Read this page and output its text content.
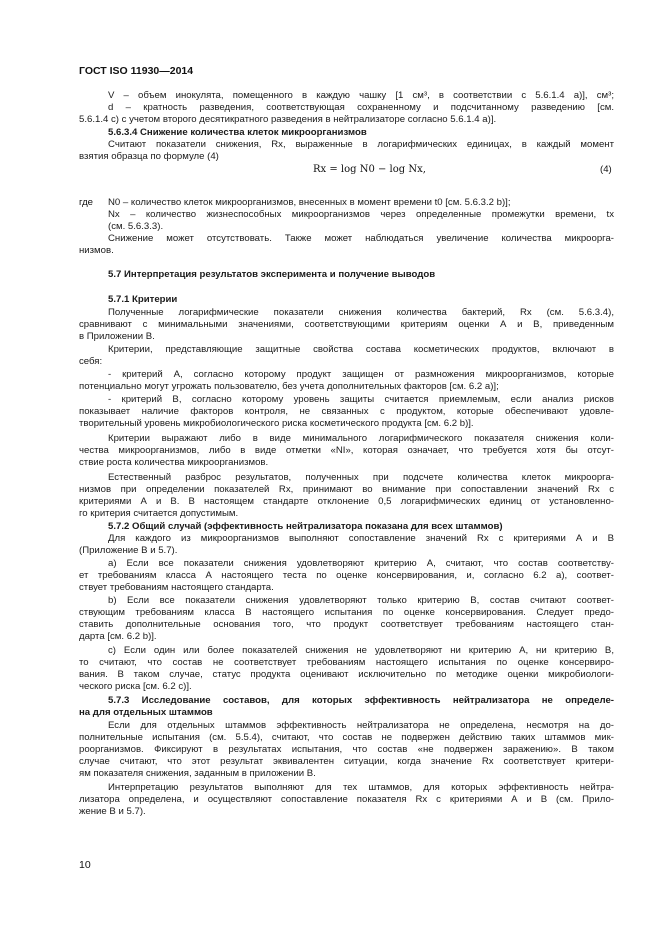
ГОСТ ISO 11930—2014

V – объем инокулята, помещенного в каждую чашку [1 см³, в соответствии с 5.6.1.4 а)], см³;

d – кратность разведения, соответствующая сохраненному и подсчитанному разведению [см.

5.6.1.4 с) с учетом второго десятикратного разведения в нейтрализаторе согласно 5.6.1.4 а)].

5.6.3.4 Снижение количества клеток микроорганизмов

Считают показатели снижения, Rx, выраженные в логарифмических единицах, в каждый момент

взятия образца по формуле (4)

Rx = log N0 − log Nx,	(4)
где N0 – количество клеток микроорганизмов, внесенных в момент времени t0 [см. 5.6.3.2 b)];

Nx – количество жизнеспособных микроорганизмов через определенные промежутки времени, tx

(см. 5.6.3.3).

Снижение может отсутствовать. Также может наблюдаться увеличение количества микроорга-

низмов.

5.7 Интерпретация результатов эксперимента и получение выводов

5.7.1 Критерии

Полученные логарифмические показатели снижения количества бактерий, Rx (см. 5.6.3.4),

сравнивают с минимальными значениями, соответствующими критериям оценки А и В, приведенным

в Приложении В.

Критерии, представляющие защитные свойства состава косметических продуктов, включают в

себя:

- критерий А, согласно которому продукт защищен от размножения микроорганизмов, которые

потенциально могут угрожать пользователю, без учета дополнительных факторов [см. 6.2 а)];

- критерий В, согласно которому уровень защиты считается приемлемым, если анализ рисков

показывает наличие факторов контроля, не связанных с продуктом, которые обеспечивают удовле-

творительный уровень микробиологического риска косметического продукта [см. 6.2 b)].

Критерии выражают либо в виде минимального логарифмического показателя снижения коли-

чества микроорганизмов, либо в виде отметки «NI», которая означает, что требуется хотя бы отсут-

ствие роста количества микроорганизмов.

Естественный разброс результатов, полученных при подсчете количества клеток микроорга-

низмов при определении показателей Rx, принимают во внимание при сопоставлении значений Rx с

критериями А и В. В настоящем стандарте отклонение 0,5 логарифмических единиц от установленно-

го критерия считается допустимым.

5.7.2 Общий случай (эффективность нейтрализатора показана для всех штаммов)

Для каждого из микроорганизмов выполняют сопоставление значений Rx с критериями А и В

(Приложение В и 5.7).

а) Если все показатели снижения удовлетворяют критерию А, считают, что состав соответству-

ет требованиям класса А настоящего теста по оценке консервирования, и, согласно 6.2 а), соответ-

ствует требованиям настоящего стандарта.

b) Если все показатели снижения удовлетворяют только критерию В, состав считают соответ-

ствующим требованиям класса В настоящего испытания по оценке консервирования. Следует предо-

ставить дополнительные основания того, что продукт соответствует требованиям настоящего стан-

дарта [см. 6.2 b)].

с) Если один или более показателей снижения не удовлетворяют ни критерию А, ни критерию В,

то считают, что состав не соответствует требованиям настоящего испытания по оценке консервиро-

вания. В таком случае, статус продукта оценивают исключительно по методике оценки микробиологи-

ческого риска [см. 6.2 с)].

5.7.3 Исследование составов, для которых эффективность нейтрализатора не определе-

на для отдельных штаммов

Если для отдельных штаммов эффективность нейтрализатора не определена, несмотря на до-

полнительные испытания (см. 5.5.4), считают, что состав не подвержен действию таких штаммов мик-

роорганизмов. Фиксируют в результатах испытания, что состав «не подвержен заражению». В таком

случае считают, что этот результат эквивалентен ситуации, когда значение Rx соответствует критери-

ям показателя снижения, заданным в приложении В.

Интерпретацию результатов выполняют для тех штаммов, для которых эффективность нейтра-

лизатора определена, и осуществляют сопоставление показателя Rx с критериями А и В (см. Прило-

жение В и 5.7).

10
